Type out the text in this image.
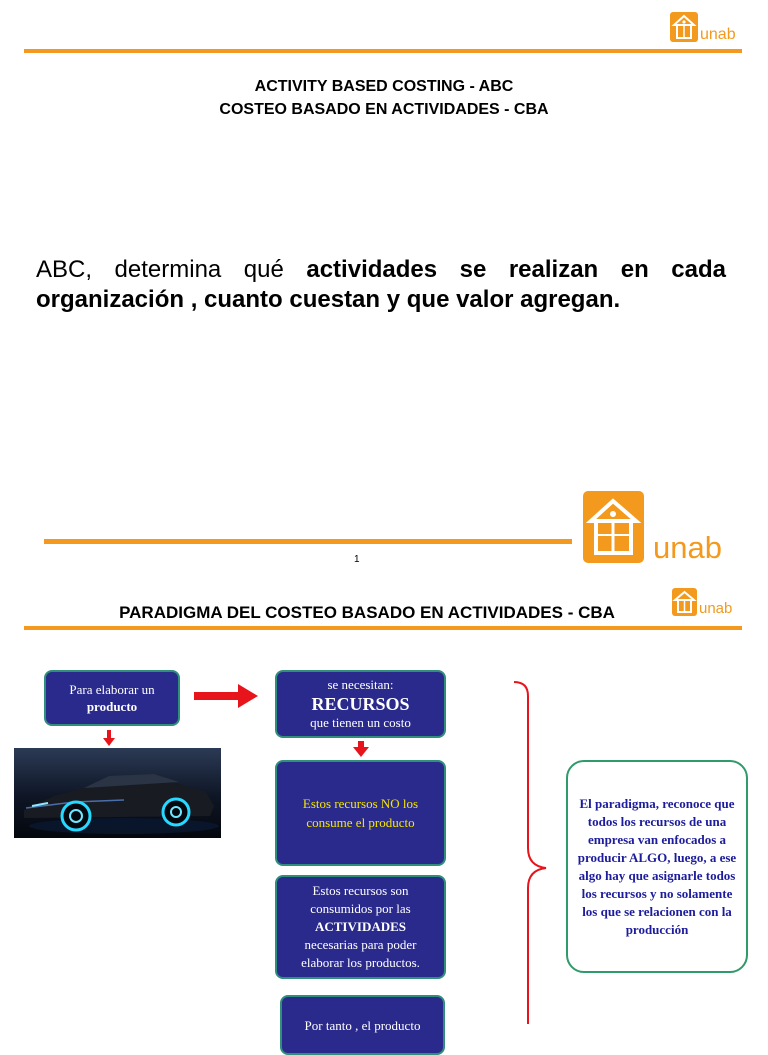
unab
ACTIVITY BASED COSTING - ABC
COSTEO BASADO EN ACTIVIDADES - CBA
ABC, determina qué actividades se realizan en cada organización , cuanto cuestan y que valor agregan.
unab
1
PARADIGMA DEL COSTEO BASADO EN ACTIVIDADES - CBA	unab
Para elaborar un
producto
se necesitan:
RECURSOS
que tienen un costo
Estos recursos NO los
consume el producto
Estos recursos son
consumidos por las
ACTIVIDADES
necesarias para poder
elaborar los productos.
Por tanto , el producto
El paradigma, reconoce que todos los recursos de una empresa van enfocados a producir ALGO, luego, a ese algo hay que asignarle todos los recursos y no solamente los que se relacionen con la producción
